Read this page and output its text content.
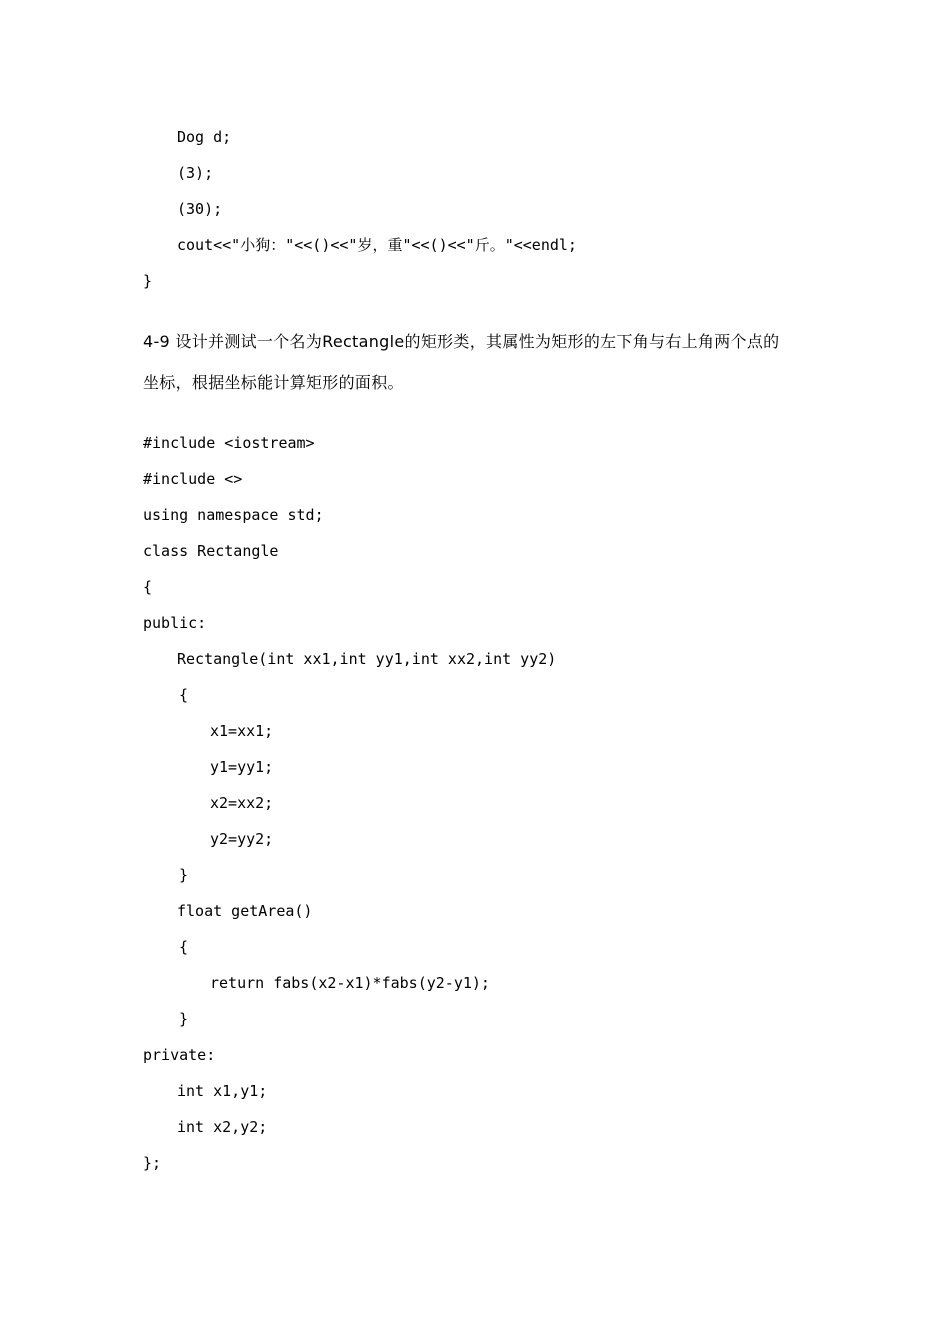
Dog d;
(3);
(30);
cout<<"小狗："<<()<<"岁，重"<<()<<"斤。"<<endl;
}
4-9 设计并测试一个名为Rectangle的矩形类，其属性为矩形的左下角与右上角两个点的
坐标，根据坐标能计算矩形的面积。
#include <iostream>
#include <>
using namespace std;
class Rectangle
{
public:
Rectangle(int xx1,int yy1,int xx2,int yy2)
{
x1=xx1;
y1=yy1;
x2=xx2;
y2=yy2;
}
float getArea()
{
return fabs(x2-x1)*fabs(y2-y1);
}
private:
int x1,y1;
int x2,y2;
};
